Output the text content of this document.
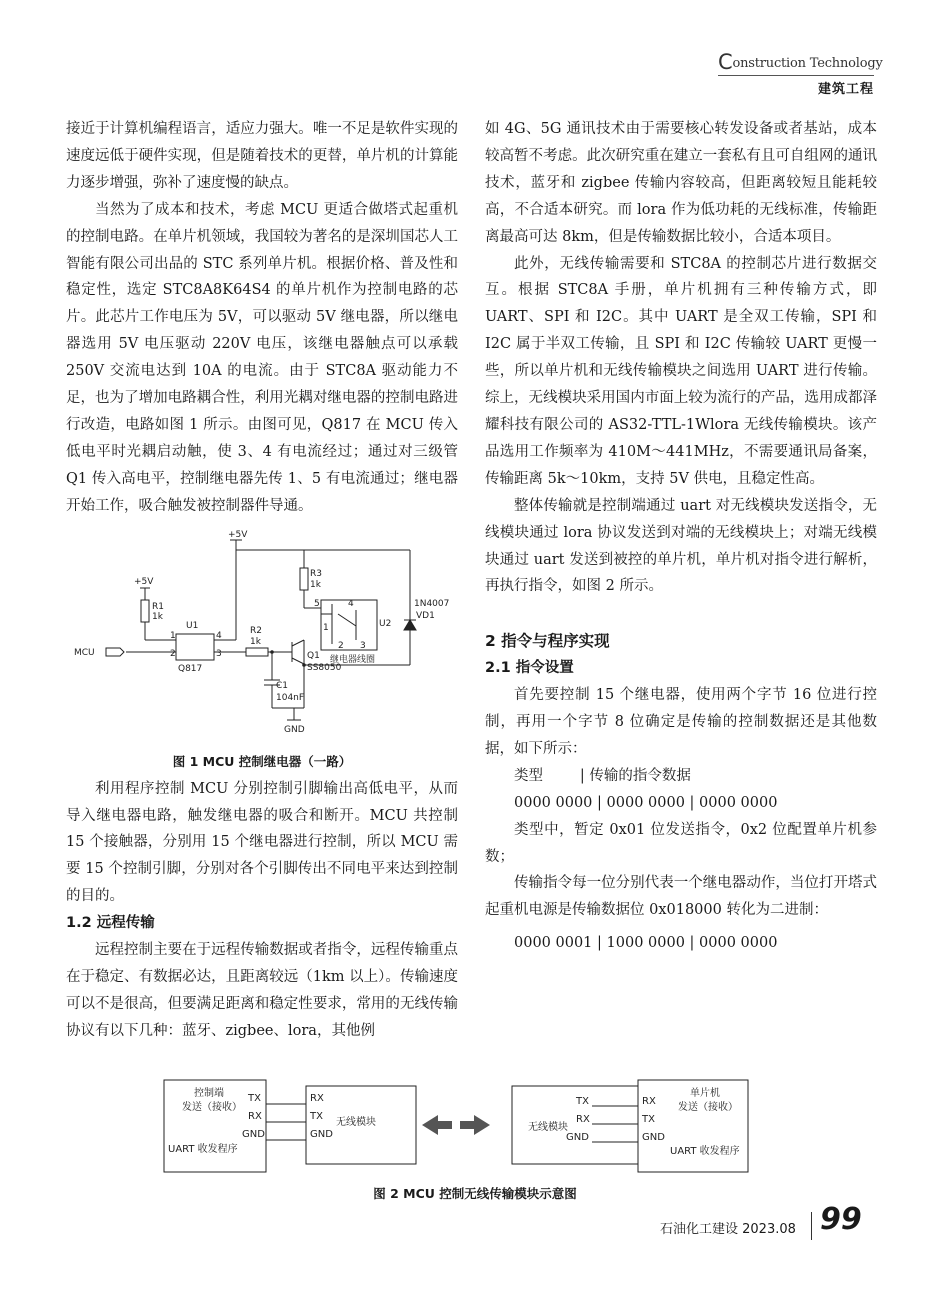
Construction Technology
建筑工程

接近于计算机编程语言，适应力强大。唯一不足是软件实现的速度远低于硬件实现，但是随着技术的更替，单片机的计算能力逐步增强，弥补了速度慢的缺点。

当然为了成本和技术，考虑 MCU 更适合做塔式起重机的控制电路。在单片机领域，我国较为著名的是深圳国芯人工智能有限公司出品的 STC 系列单片机。根据价格、普及性和稳定性，选定 STC8A8K64S4 的单片机作为控制电路的芯片。此芯片工作电压为 5V，可以驱动 5V 继电器，所以继电器选用 5V 电压驱动 220V 电压，该继电器触点可以承载 250V 交流电达到 10A 的电流。由于 STC8A 驱动能力不足，也为了增加电路耦合性，利用光耦对继电器的控制电路进行改造，电路如图 1 所示。由图可见，Q817 在 MCU 传入低电平时光耦启动触，使 3、4 有电流经过；通过对三级管 Q1 传入高电平，控制继电器先传 1、5 有电流通过；继电器开始工作，吸合触发被控制器件导通。

+5V
+5V
R1
1k
U1
1
2	3
4
Q817
MCU
R2
1k
R3
1k
Q1
SS8050
C1
104nF
GND
5
1
4
2 3
U2
继电器线圈
1N4007
VD1
图 1 MCU 控制继电器（一路）

利用程序控制 MCU 分别控制引脚输出高低电平，从而导入继电器电路，触发继电器的吸合和断开。MCU 共控制 15 个接触器，分别用 15 个继电器进行控制，所以 MCU 需要 15 个控制引脚，分别对各个引脚传出不同电平来达到控制的目的。

1.2 远程传输

远程控制主要在于远程传输数据或者指令，远程传输重点在于稳定、有数据必达，且距离较远（1km 以上）。传输速度可以不是很高，但要满足距离和稳定性要求，常用的无线传输协议有以下几种：蓝牙、zigbee、lora，其他例

如 4G、5G 通讯技术由于需要核心转发设备或者基站，成本较高暂不考虑。此次研究重在建立一套私有且可自组网的通讯技术，蓝牙和 zigbee 传输内容较高，但距离较短且能耗较高，不合适本研究。而 lora 作为低功耗的无线标准，传输距离最高可达 8km，但是传输数据比较小，合适本项目。

此外，无线传输需要和 STC8A 的控制芯片进行数据交互。根据 STC8A 手册，单片机拥有三种传输方式，即 UART、SPI 和 I2C。其中 UART 是全双工传输，SPI 和 I2C 属于半双工传输，且 SPI 和 I2C 传输较 UART 更慢一些，所以单片机和无线传输模块之间选用 UART 进行传输。综上，无线模块采用国内市面上较为流行的产品，选用成都泽耀科技有限公司的 AS32-TTL-1Wlora 无线传输模块。该产品选用工作频率为 410M～441MHz，不需要通讯局备案，传输距离 5k～10km，支持 5V 供电，且稳定性高。

整体传输就是控制端通过 uart 对无线模块发送指令，无线模块通过 lora 协议发送到对端的无线模块上；对端无线模块通过 uart 发送到被控的单片机，单片机对指令进行解析，再执行指令，如图 2 所示。

2 指令与程序实现
2.1 指令设置

首先要控制 15 个继电器，使用两个字节 16 位进行控制，再用一个字节 8 位确定是传输的控制数据还是其他数据，如下所示：

类型        | 传输的指令数据

0000 0000 | 0000 0000 | 0000 0000

类型中，暂定 0x01 位发送指令，0x2 位配置单片机参数；

传输指令每一位分别代表一个继电器动作，当位打开塔式起重机电源是传输数据位 0x018000 转化为二进制：

0000 0001 | 1000 0000 | 0000 0000

控制端
发送（接收）
UART 收发程序
TX
RX
GND
RX
TX
GND
无线模块	无线模块
TX
RX
GND
RX
TX
GND
单片机
发送（接收）
UART 收发程序
图 2 MCU 控制无线传输模块示意图
石油化工建设 2023.08 99
